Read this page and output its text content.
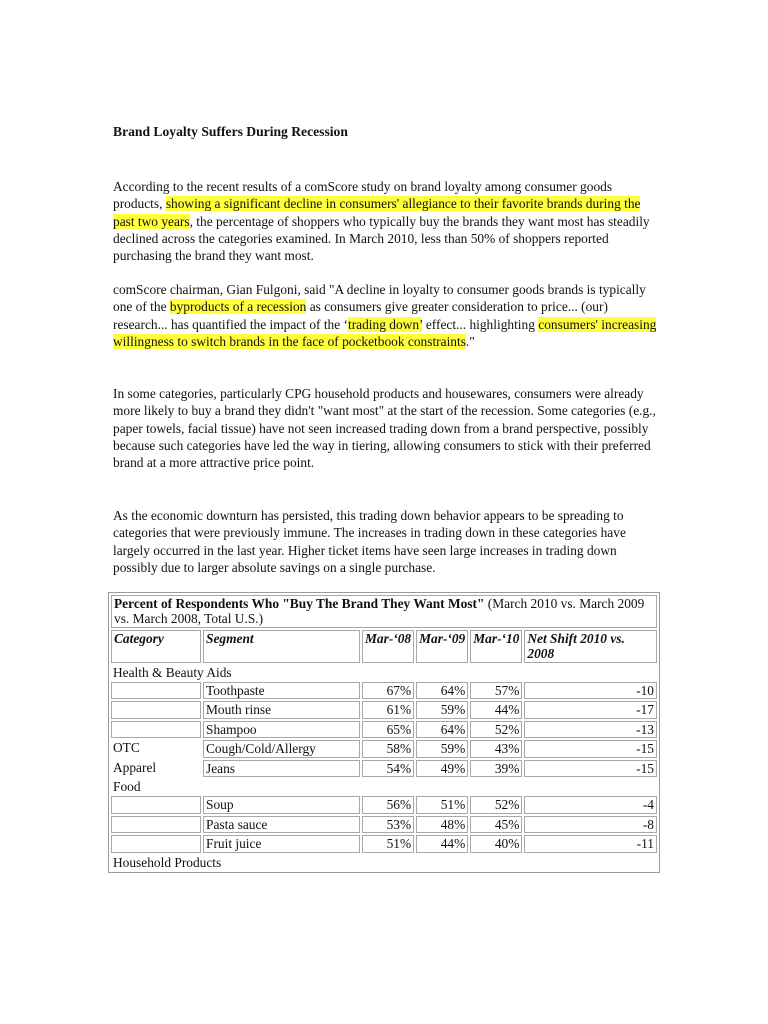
Brand Loyalty Suffers During Recession

According to the recent results of a comScore study on brand loyalty among consumer goods products, showing a significant decline in consumers' allegiance to their favorite brands during the past two years, the percentage of shoppers who typically buy the brands they want most has steadily declined across the categories examined. In March 2010, less than 50% of shoppers reported purchasing the brand they want most.

comScore chairman, Gian Fulgoni, said "A decline in loyalty to consumer goods brands is typically one of the byproducts of a recession as consumers give greater consideration to price... (our) research... has quantified the impact of the ‘trading down’ effect... highlighting consumers' increasing willingness to switch brands in the face of pocketbook constraints."

In some categories, particularly CPG household products and housewares, consumers were already more likely to buy a brand they didn't "want most" at the start of the recession. Some categories (e.g., paper towels, facial tissue) have not seen increased trading down from a brand perspective, possibly because such categories have led the way in tiering, allowing consumers to stick with their preferred brand at a more attractive price point.

As the economic downturn has persisted, this trading down behavior appears to be spreading to categories that were previously immune. The increases in trading down in these categories have largely occurred in the last year. Higher ticket items have seen large increases in trading down possibly due to larger absolute savings on a single purchase.

Percent of Respondents Who "Buy The Brand They Want Most" (March 2010 vs. March 2009 vs. March 2008, Total U.S.)					
Category	Segment	Mar-‘08	Mar-‘09	Mar-‘10	Net Shift 2010 vs. 2008
Health & Beauty Aids					
	Toothpaste	67%	64%	57%	-10
	Mouth rinse	61%	59%	44%	-17
	Shampoo	65%	64%	52%	-13
OTC	Cough/Cold/Allergy	58%	59%	43%	-15
Apparel	Jeans	54%	49%	39%	-15
Food					
	Soup	56%	51%	52%	-4
	Pasta sauce	53%	48%	45%	-8
	Fruit juice	51%	44%	40%	-11
Household Products					
